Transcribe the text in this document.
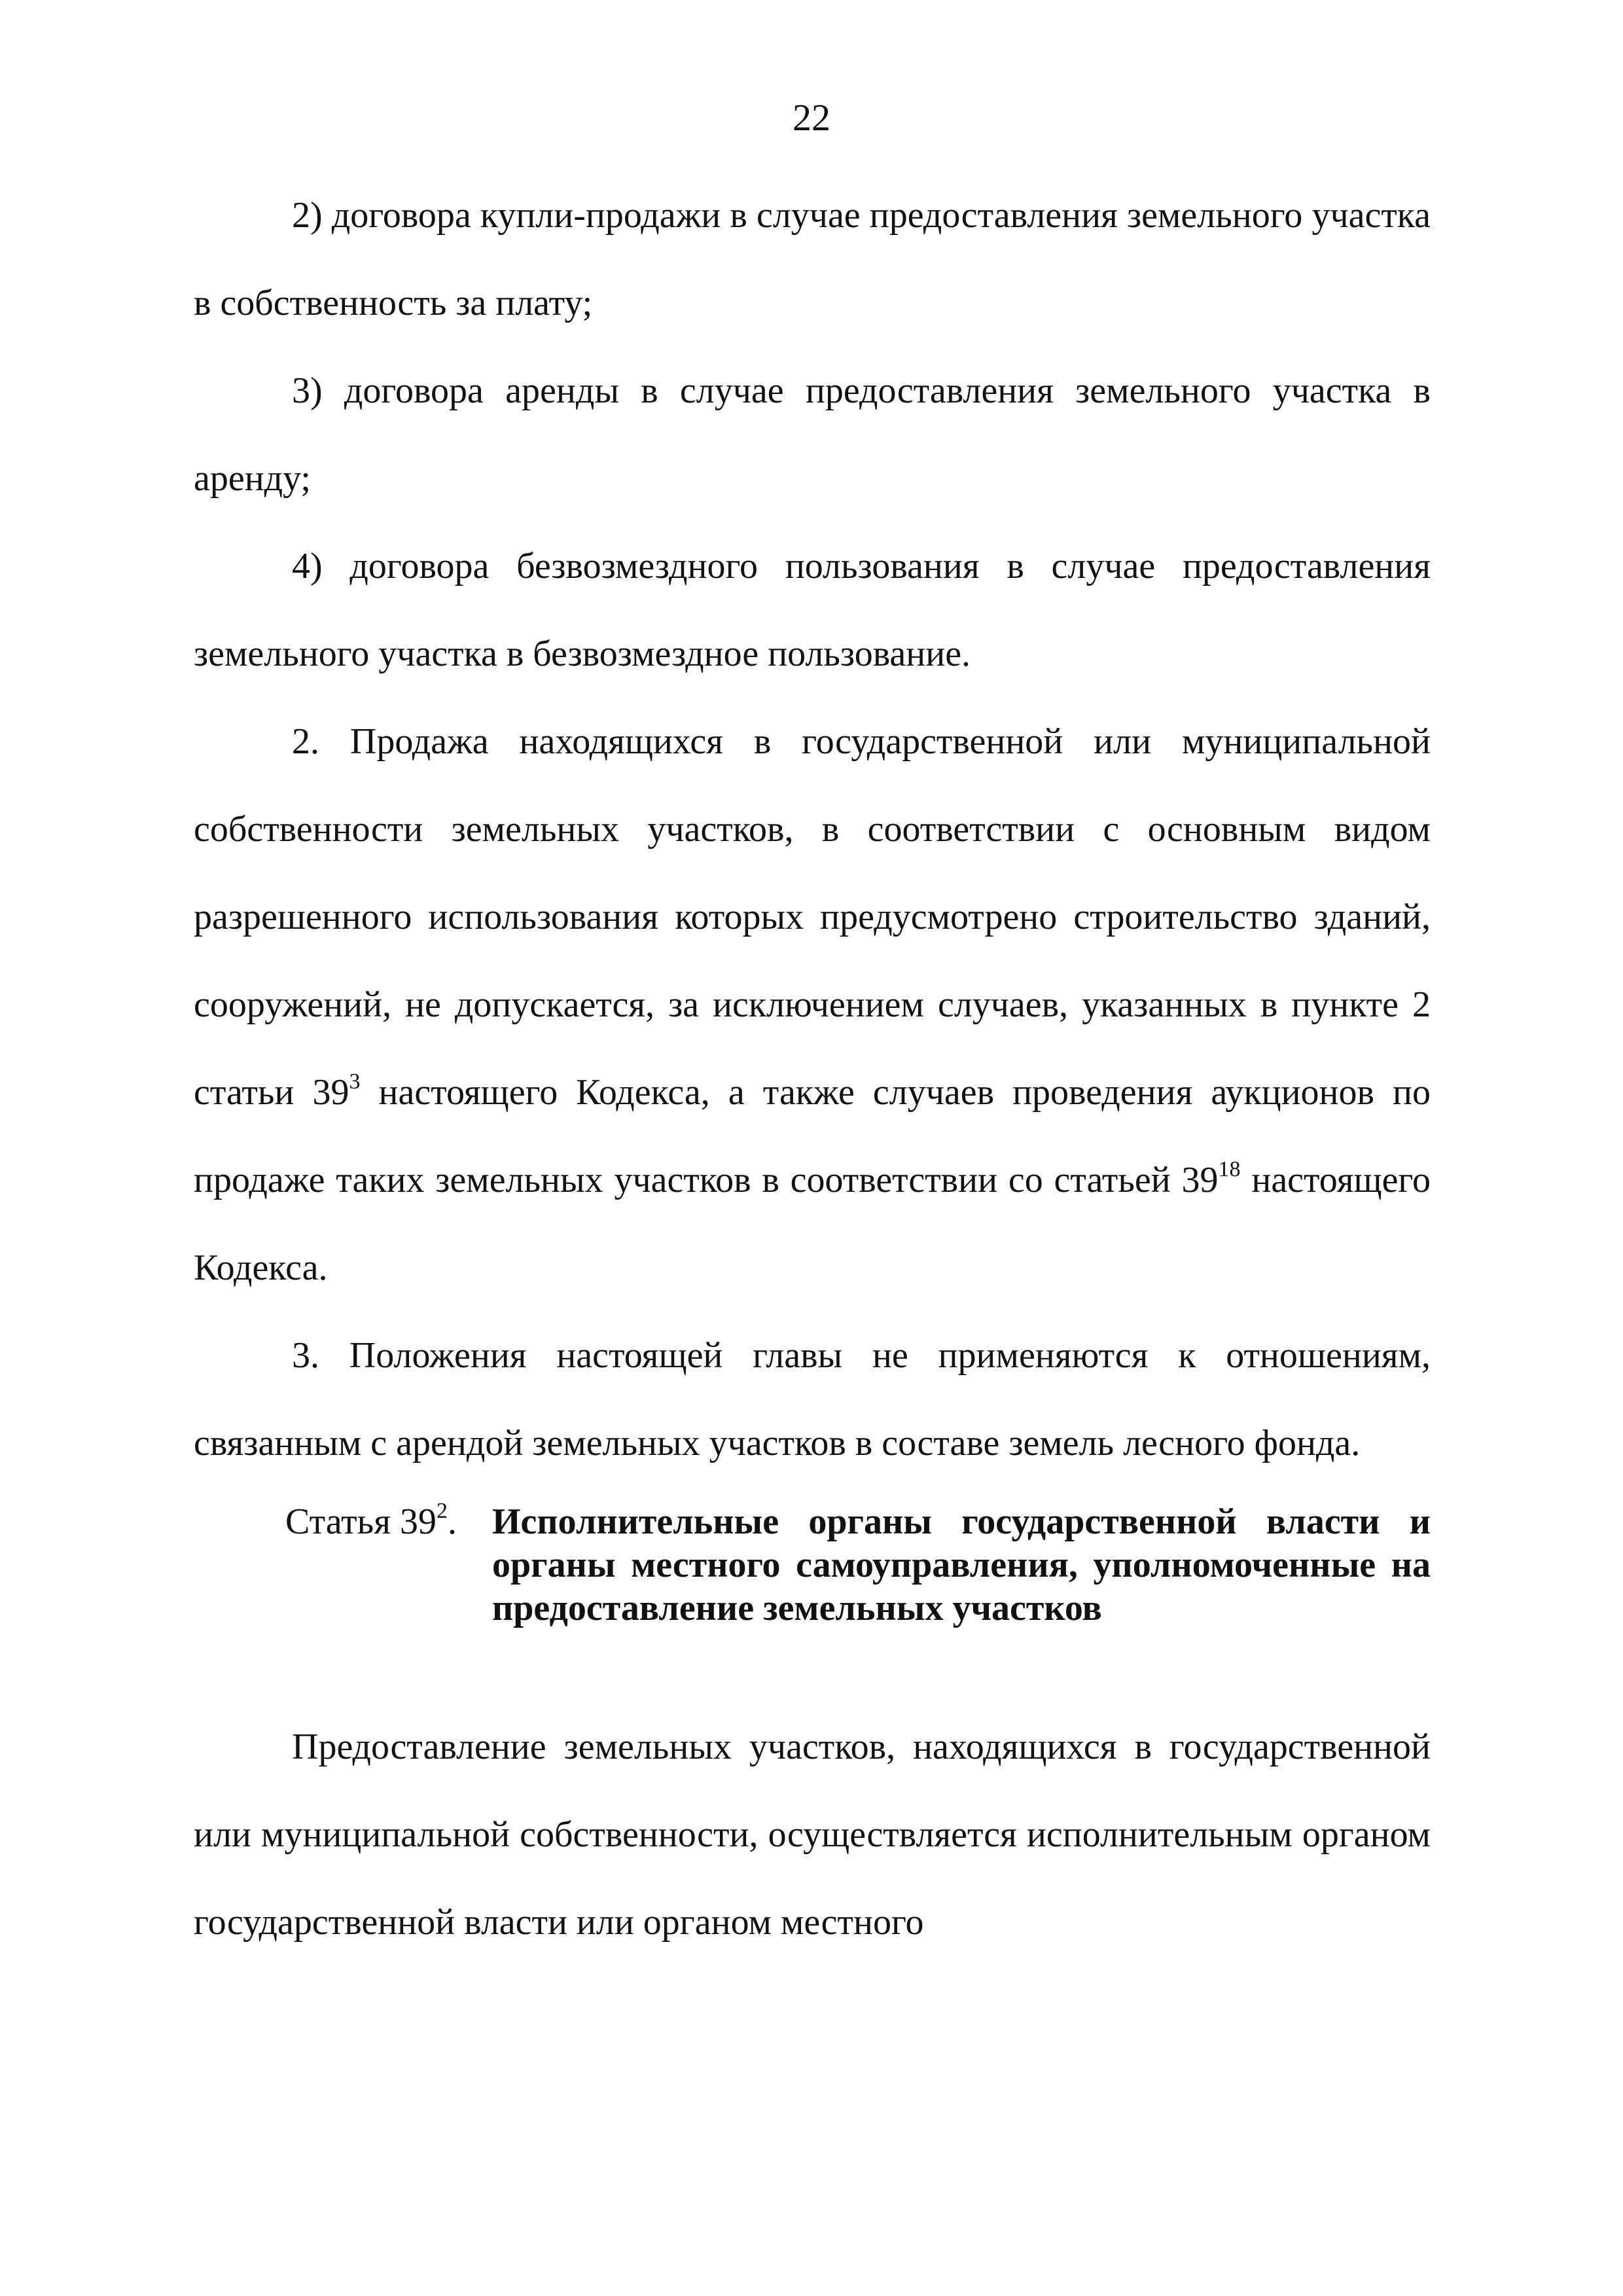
22

2) договора купли-продажи в случае предоставления земельного участка в собственность за плату;

3) договора аренды в случае предоставления земельного участка в аренду;

4) договора безвозмездного пользования в случае предоставления земельного участка в безвозмездное пользование.

2. Продажа находящихся в государственной или муниципальной собственности земельных участков, в соответствии с основным видом разрешенного использования которых предусмотрено строительство зданий, сооружений, не допускается, за исключением случаев, указанных в пункте 2 статьи $39^3$ настоящего Кодекса, а также случаев проведения аукционов по продаже таких земельных участков в соответствии со статьей $39^{18}$ настоящего Кодекса.

3. Положения настоящей главы не применяются к отношениям, связанным с арендой земельных участков в составе земель лесного фонда.

Статья $39^2$. Исполнительные органы государственной власти и органы местного самоуправления, уполномоченные на предоставление земельных участков

Предоставление земельных участков, находящихся в государственной или муниципальной собственности, осуществляется исполнительным органом государственной власти или органом местного
